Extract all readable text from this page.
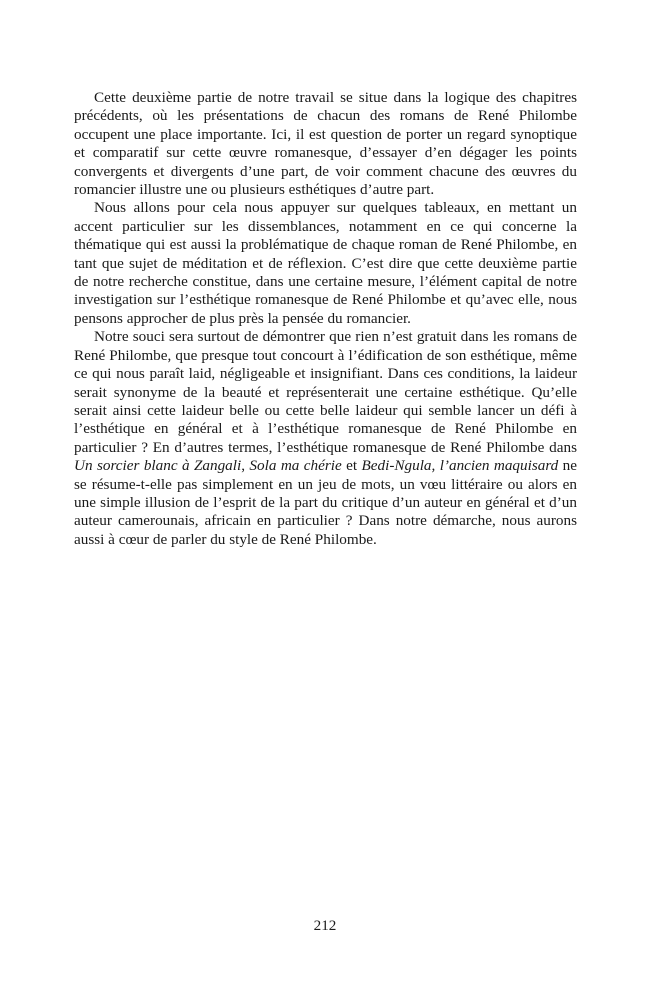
Cette deuxième partie de notre travail se situe dans la logique des chapitres précédents, où les présentations de chacun des romans de René Philombe occupent une place importante. Ici, il est question de porter un regard synoptique et comparatif sur cette œuvre romanesque, d’essayer d’en dégager les points convergents et divergents d’une part, de voir comment chacune des œuvres du romancier illustre une ou plusieurs esthétiques d’autre part.

Nous allons pour cela nous appuyer sur quelques tableaux, en mettant un accent particulier sur les dissemblances, notamment en ce qui concerne la thématique qui est aussi la problématique de chaque roman de René Philombe, en tant que sujet de méditation et de réflexion. C’est dire que cette deuxième partie de notre recherche constitue, dans une certaine mesure, l’élément capital de notre investigation sur l’esthétique romanesque de René Philombe et qu’avec elle, nous pensons approcher de plus près la pensée du romancier.

Notre souci sera surtout de démontrer que rien n’est gratuit dans les romans de René Philombe, que presque tout concourt à l’édification de son esthétique, même ce qui nous paraît laid, négligeable et insignifiant. Dans ces conditions, la laideur serait synonyme de la beauté et représenterait une certaine esthétique. Qu’elle serait ainsi cette laideur belle ou cette belle laideur qui semble lancer un défi à l’esthétique en général et à l’esthétique romanesque de René Philombe en particulier ? En d’autres termes, l’esthétique romanesque de René Philombe dans Un sorcier blanc à Zangali, Sola ma chérie et Bedi-Ngula, l’ancien maquisard ne se résume-t-elle pas simplement en un jeu de mots, un vœu littéraire ou alors en une simple illusion de l’esprit de la part du critique d’un auteur en général et d’un auteur camerounais, africain en particulier ? Dans notre démarche, nous aurons aussi à cœur de parler du style de René Philombe.

212
